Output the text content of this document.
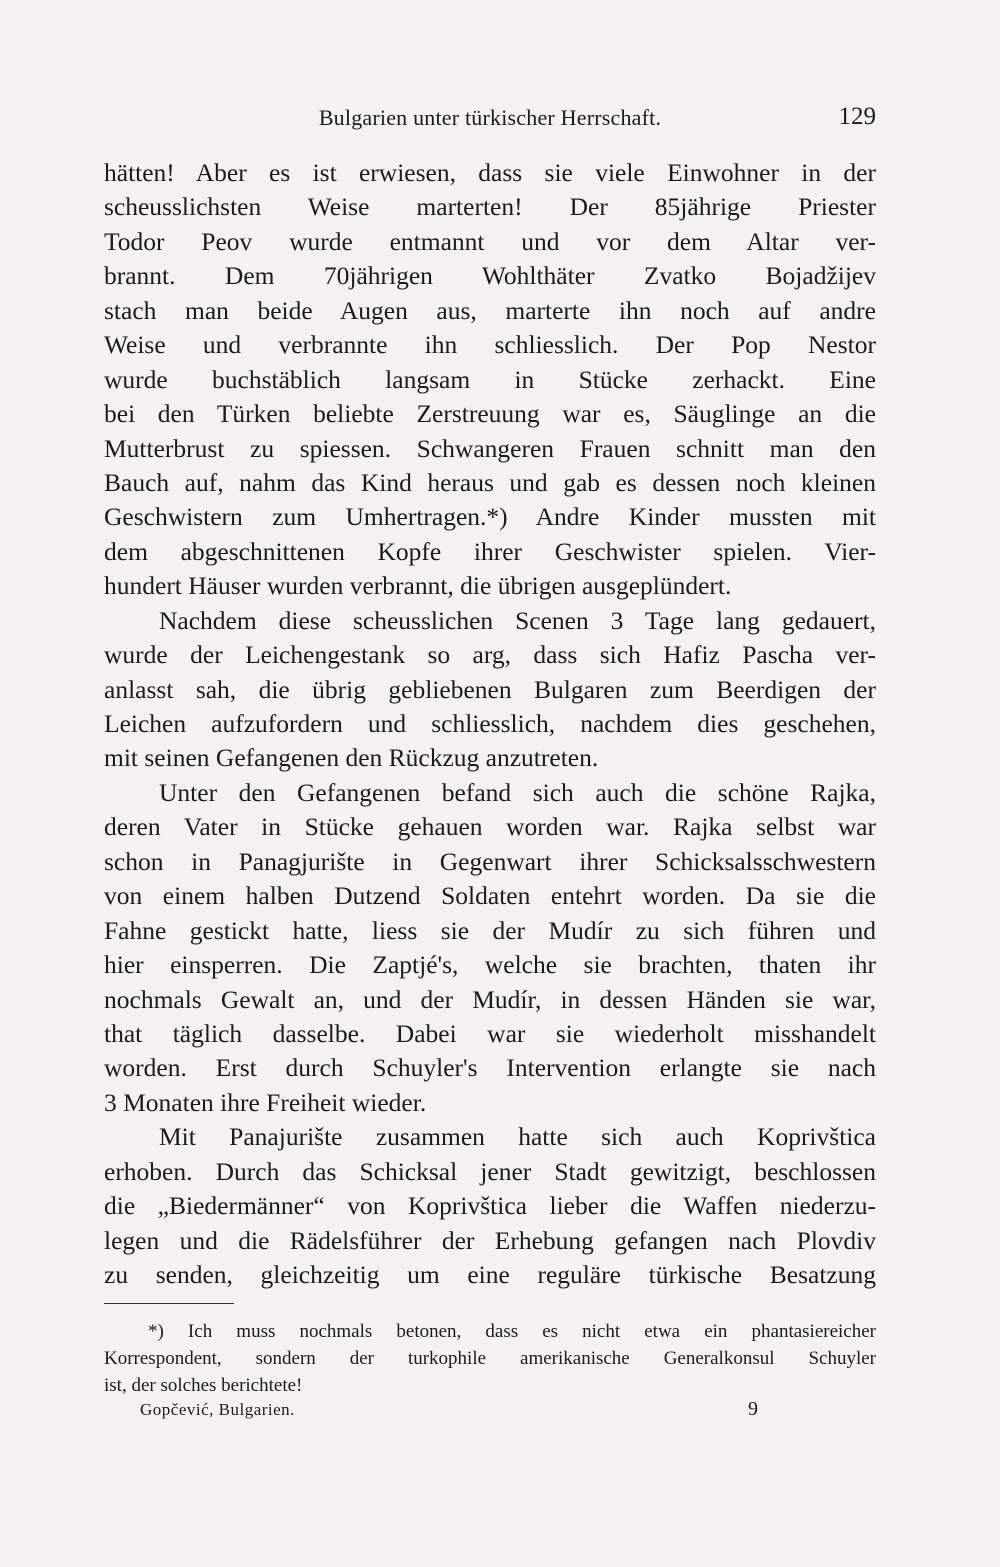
Bulgarien unter türkischer Herrschaft.	129
hätten! Aber es ist erwiesen, dass sie viele Einwohner in der
scheusslichsten Weise marterten! Der 85jährige Priester
Todor Peov wurde entmannt und vor dem Altar ver-
brannt. Dem 70jährigen Wohlthäter Zvatko Bojadžijev
stach man beide Augen aus, marterte ihn noch auf andre
Weise und verbrannte ihn schliesslich. Der Pop Nestor
wurde buchstäblich langsam in Stücke zerhackt. Eine
bei den Türken beliebte Zerstreuung war es, Säuglinge an die
Mutterbrust zu spiessen. Schwangeren Frauen schnitt man den
Bauch auf, nahm das Kind heraus und gab es dessen noch kleinen
Geschwistern zum Umhertragen.*) Andre Kinder mussten mit
dem abgeschnittenen Kopfe ihrer Geschwister spielen. Vier-
hundert Häuser wurden verbrannt, die übrigen ausgeplündert.
Nachdem diese scheusslichen Scenen 3 Tage lang gedauert,
wurde der Leichengestank so arg, dass sich Hafiz Pascha ver-
anlasst sah, die übrig gebliebenen Bulgaren zum Beerdigen der
Leichen aufzufordern und schliesslich, nachdem dies geschehen,
mit seinen Gefangenen den Rückzug anzutreten.
Unter den Gefangenen befand sich auch die schöne Rajka,
deren Vater in Stücke gehauen worden war. Rajka selbst war
schon in Panagjurište in Gegenwart ihrer Schicksalsschwestern
von einem halben Dutzend Soldaten entehrt worden. Da sie die
Fahne gestickt hatte, liess sie der Mudír zu sich führen und
hier einsperren. Die Zaptjé's, welche sie brachten, thaten ihr
nochmals Gewalt an, und der Mudír, in dessen Händen sie war,
that täglich dasselbe. Dabei war sie wiederholt misshandelt
worden. Erst durch Schuyler's Intervention erlangte sie nach
3 Monaten ihre Freiheit wieder.
Mit Panajurište zusammen hatte sich auch Koprivštica
erhoben. Durch das Schicksal jener Stadt gewitzigt, beschlossen
die „Biedermänner“ von Koprivštica lieber die Waffen niederzu-
legen und die Rädelsführer der Erhebung gefangen nach Plovdiv
zu senden, gleichzeitig um eine reguläre türkische Besatzung
*) Ich muss nochmals betonen, dass es nicht etwa ein phantasiereicher
Korrespondent, sondern der turkophile amerikanische Generalkonsul Schuyler
ist, der solches berichtete!
Gopčević, Bulgarien.	9
